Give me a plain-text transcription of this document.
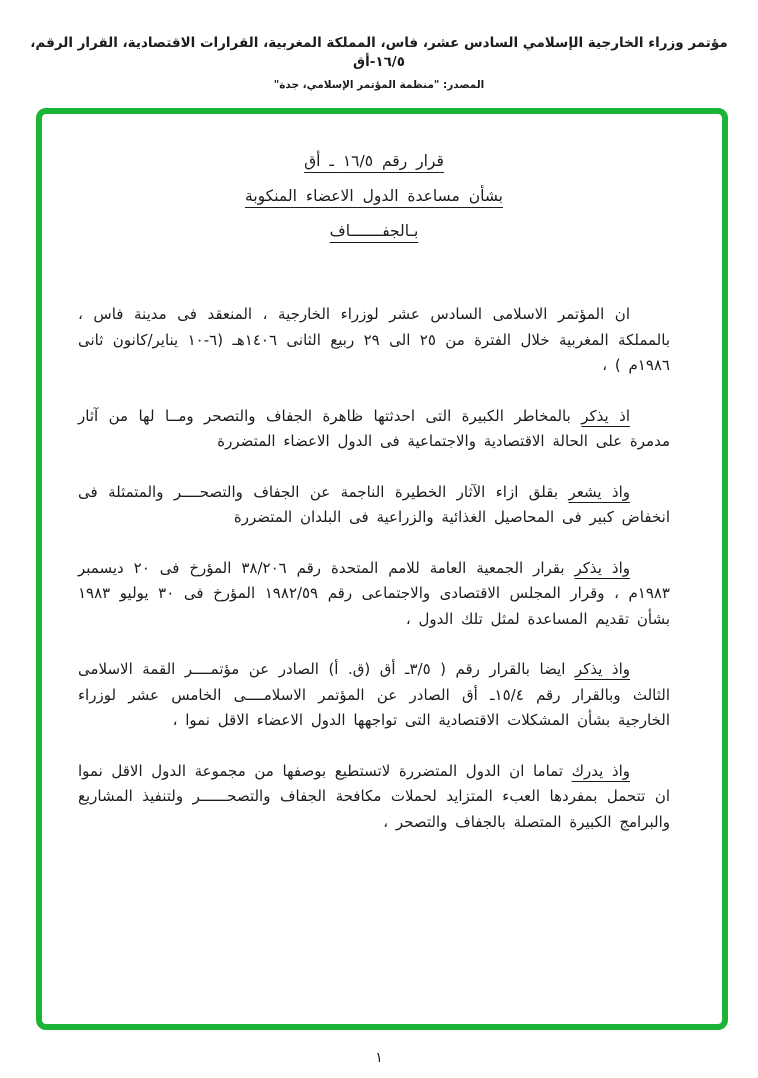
مؤتمر وزراء الخارجية الإسلامي السادس عشر، فاس، المملكة المغربية، القرارات الاقتصادية، القرار الرقم، ١٦/٥-أق
المصدر: "منظمة المؤتمر الإسلامي، جدة"
قرار رقم ١٦/٥ ـ أق
بشأن مساعدة الدول الاعضاء المنكوبة
بـالجفـــــــاف

ان المؤتمر الاسلامى السادس عشر لوزراء الخارجية ، المنعقد فى مدينة فاس ، بالمملكة المغربية خلال الفترة من ٢٥ الى ٢٩ ربيع الثانى ١٤٠٦هـ (٦-١٠ يناير/كانون ثانى ١٩٨٦م ) ،

اذ يذكر بالمخاطر الكبيرة التى احدثتها ظاهرة الجفاف والتصحر ومــا لها من آثار مدمرة على الحالة الاقتصادية والاجتماعية فى الدول الاعضاء المتضررة

واذ يشعر بقلق ازاء الآثار الخطيرة الناجمة عن الجفاف والتصحــــر والمتمثلة فى انخفاض كبير فى المحاصيل الغذائية والزراعية فى البلدان المتضررة

واذ يذكر بقرار الجمعية العامة للامم المتحدة رقم ٣٨/٢٠٦ المؤرخ فى ٢٠ ديسمبر ١٩٨٣م ، وقرار المجلس الاقتصادى والاجتماعى رقم ١٩٨٢/٥٩ المؤرخ فى ٣٠ يوليو ١٩٨٣ بشأن تقديم المساعدة لمثل تلك الدول ،

واذ يذكر ايضا بالقرار رقم ( ٣/٥ـ أق (ق. أ) الصادر عن مؤتمــــر القمة الاسلامى الثالث وبالقرار رقم ١٥/٤ـ أق الصادر عن المؤتمر الاسلامــــى الخامس عشر لوزراء الخارجية بشأن المشكلات الاقتصادية التى تواجهها الدول الاعضاء الاقل نموا ،

واذ يدرك تماما ان الدول المتضررة لاتستطيع بوصفها من مجموعة الدول الاقل نموا ان تتحمل بمفردها العبء المتزايد لحملات مكافحة الجفاف والتصحــــــر ولتنفيذ المشاريع والبرامج الكبيرة المتصلة بالجفاف والتصحر ،

١
